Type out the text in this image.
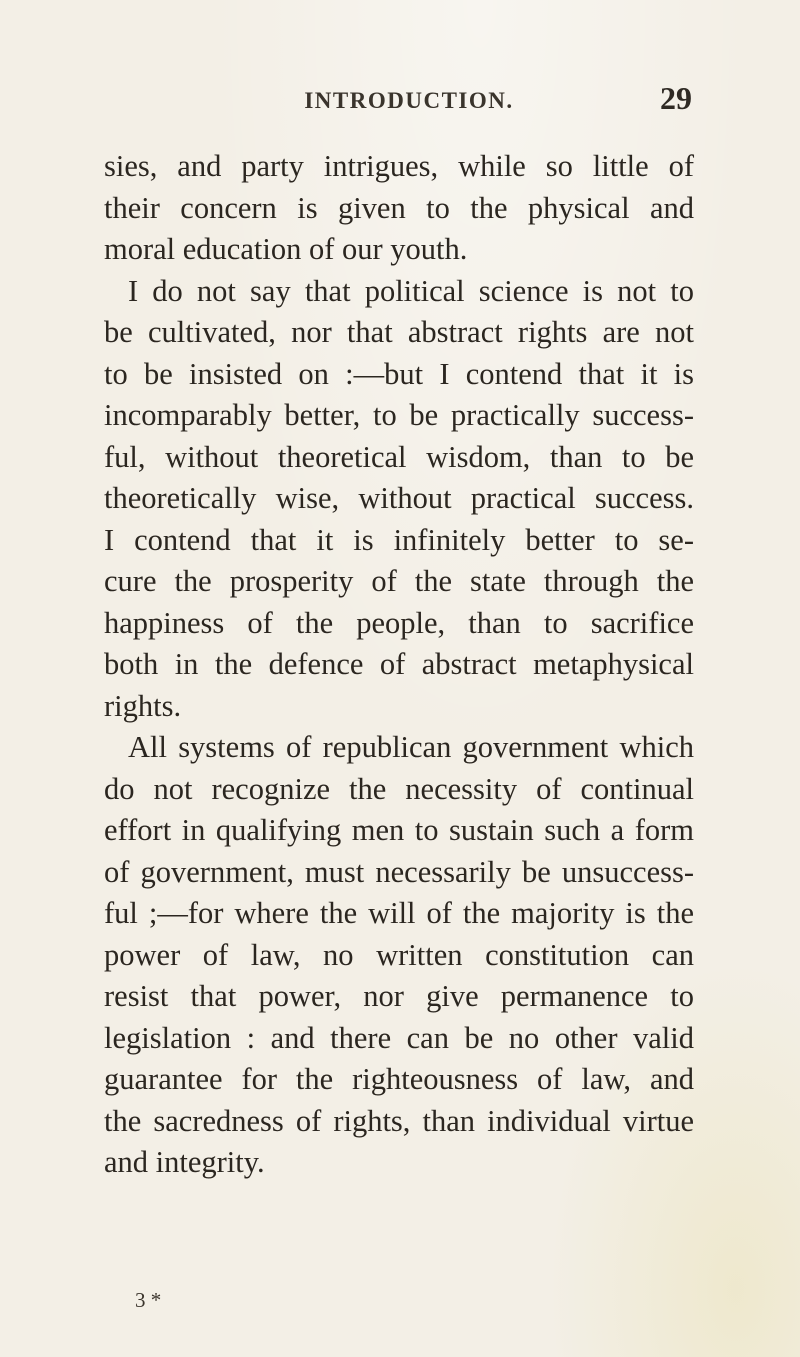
INTRODUCTION.	29
sies, and party intrigues, while so little of
their concern is given to the physical and
moral education of our youth.
I do not say that political science is not to
be cultivated, nor that abstract rights are not
to be insisted on :—but I contend that it is
incomparably better, to be practically success-
ful, without theoretical wisdom, than to be
theoretically wise, without practical success.
I contend that it is infinitely better to se-
cure the prosperity of the state through the
happiness of the people, than to sacrifice
both in the defence of abstract metaphysical
rights.
All systems of republican government which
do not recognize the necessity of continual
effort in qualifying men to sustain such a form
of government, must necessarily be unsuccess-
ful ;—for where the will of the majority is the
power of law, no written constitution can
resist that power, nor give permanence to
legislation : and there can be no other valid
guarantee for the righteousness of law, and
the sacredness of rights, than individual virtue
and integrity.
3 *
